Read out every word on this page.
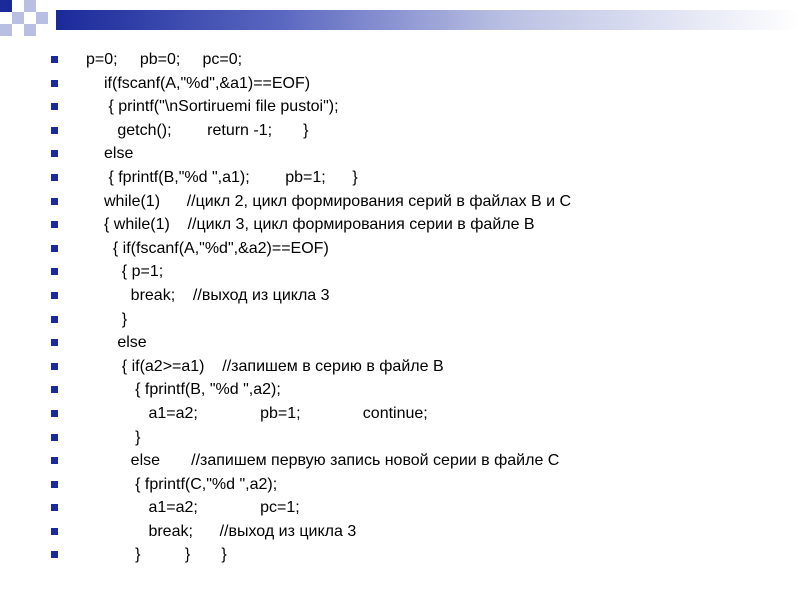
p=0;     pb=0;     pc=0;
if(fscanf(A,"%d",&a1)==EOF)
{ printf("\nSortiruemi file pustoi");
getch();        return -1;       }
else
{ fprintf(B,"%d ",a1);        pb=1;      }
while(1)      //цикл 2, цикл формирования серий в файлах B и C
{ while(1)    //цикл 3, цикл формирования серии в файле B
{ if(fscanf(A,"%d",&a2)==EOF)
{ p=1;
break;    //выход из цикла 3
}
else
{ if(a2>=a1)    //запишем в серию в файле B
{ fprintf(B, "%d ",a2);
a1=a2;              pb=1;              continue;
}
else       //запишем первую запись новой серии в файле C
{ fprintf(C,"%d ",a2);
a1=a2;              pc=1;
break;      //выход из цикла 3
}          }       }
